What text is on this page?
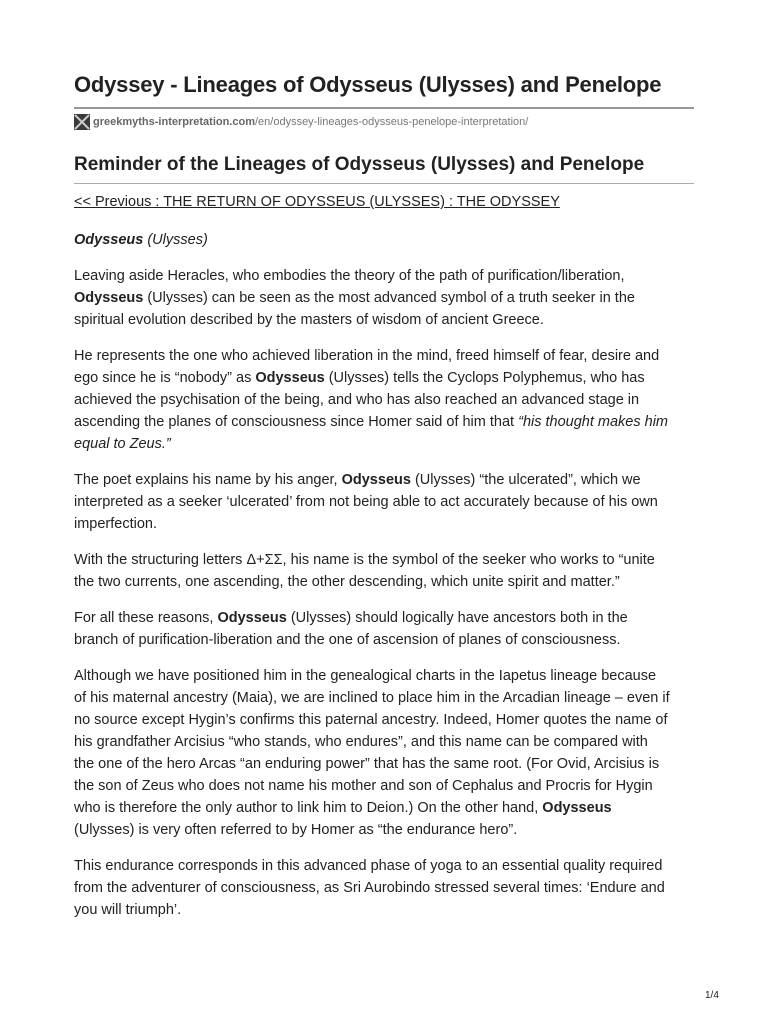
Odyssey - Lineages of Odysseus (Ulysses) and Penelope
greekmyths-interpretation.com /en/odyssey-lineages-odysseus-penelope-interpretation/
Reminder of the Lineages of Odysseus (Ulysses) and Penelope
<< Previous : THE RETURN OF ODYSSEUS (ULYSSES) : THE ODYSSEY
Odysseus (Ulysses)

Leaving aside Heracles, who embodies the theory of the path of purification/liberation,
Odysseus (Ulysses) can be seen as the most advanced symbol of a truth seeker in the
spiritual evolution described by the masters of wisdom of ancient Greece.

He represents the one who achieved liberation in the mind, freed himself of fear, desire and
ego since he is “nobody” as Odysseus (Ulysses) tells the Cyclops Polyphemus, who has
achieved the psychisation of the being, and who has also reached an advanced stage in
ascending the planes of consciousness since Homer said of him that “his thought makes him
equal to Zeus.”

The poet explains his name by his anger, Odysseus (Ulysses) “the ulcerated”, which we
interpreted as a seeker ‘ulcerated’ from not being able to act accurately because of his own
imperfection.

With the structuring letters Δ+ΣΣ, his name is the symbol of the seeker who works to “unite
the two currents, one ascending, the other descending, which unite spirit and matter.”

For all these reasons, Odysseus (Ulysses) should logically have ancestors both in the
branch of purification-liberation and the one of ascension of planes of consciousness.

Although we have positioned him in the genealogical charts in the Iapetus lineage because
of his maternal ancestry (Maia), we are inclined to place him in the Arcadian lineage – even if
no source except Hygin’s confirms this paternal ancestry. Indeed, Homer quotes the name of
his grandfather Arcisius “who stands, who endures”, and this name can be compared with
the one of the hero Arcas “an enduring power” that has the same root. (For Ovid, Arcisius is
the son of Zeus who does not name his mother and son of Cephalus and Procris for Hygin
who is therefore the only author to link him to Deion.) On the other hand, Odysseus
(Ulysses) is very often referred to by Homer as “the endurance hero”.

This endurance corresponds in this advanced phase of yoga to an essential quality required
from the adventurer of consciousness, as Sri Aurobindo stressed several times: ‘Endure and
you will triumph’.

1/4
